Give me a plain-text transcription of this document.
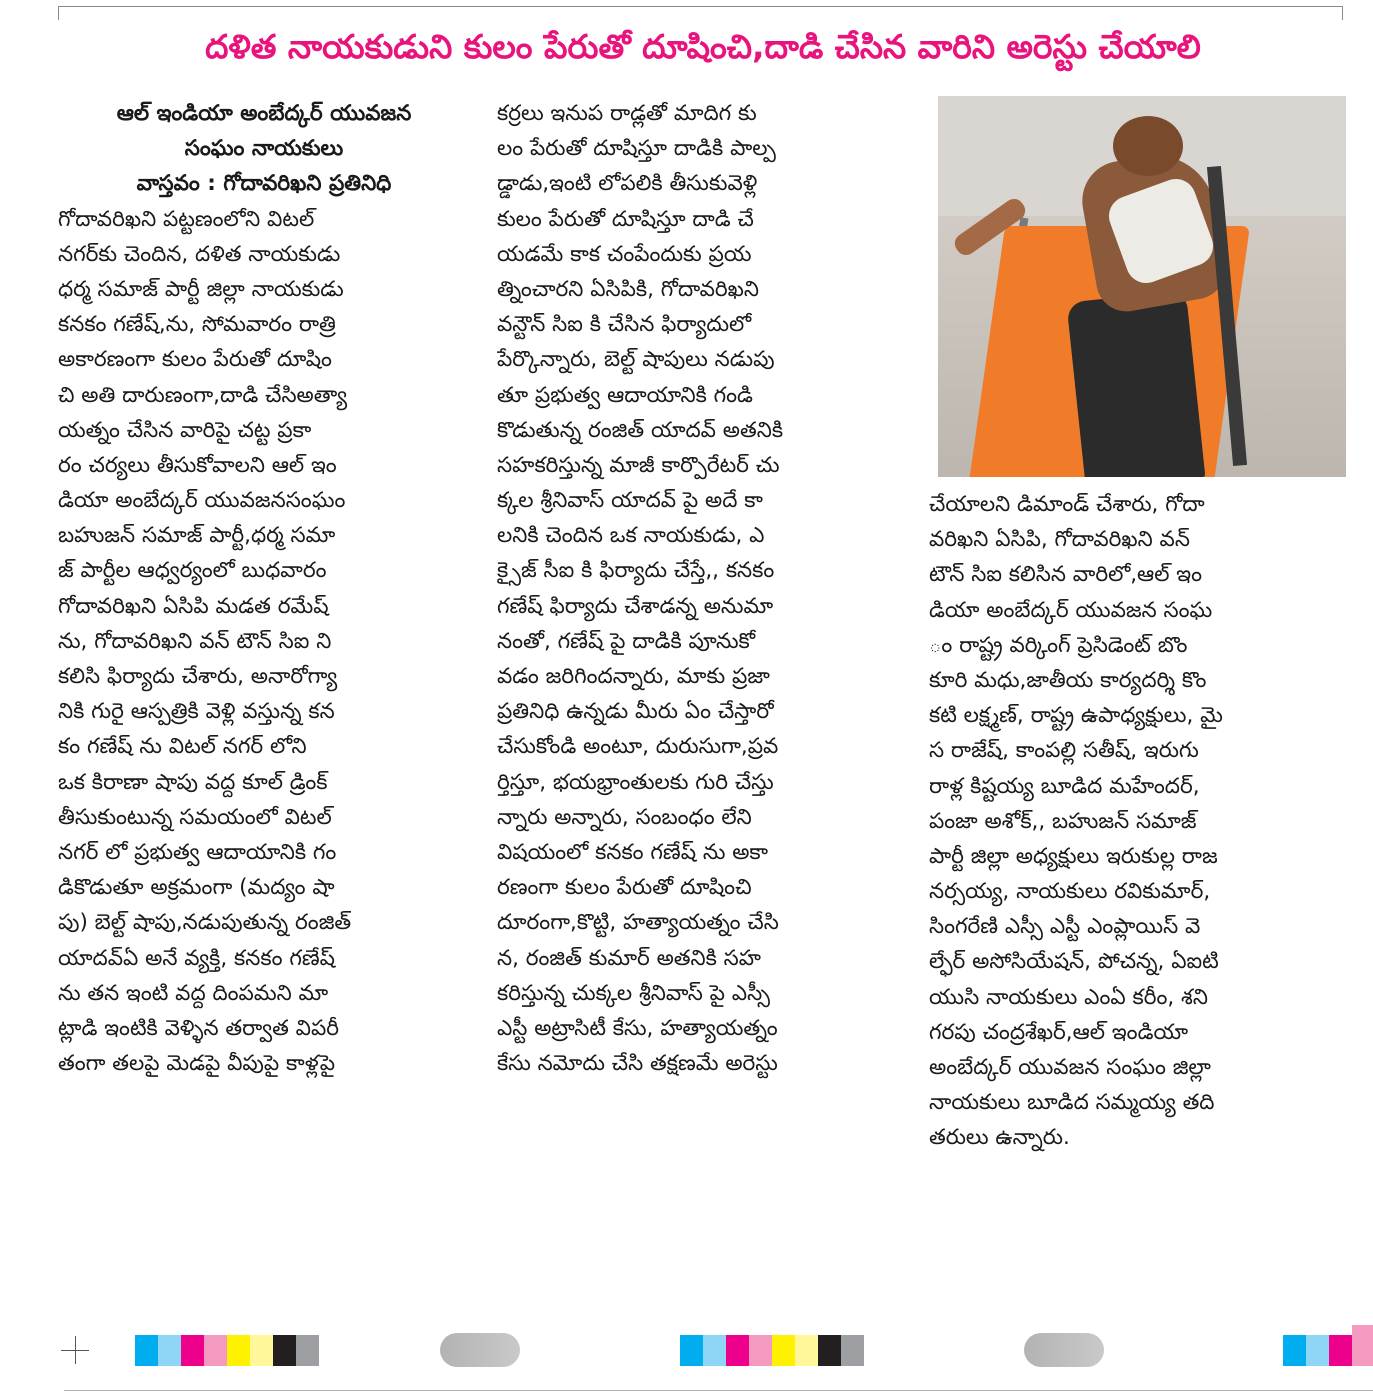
దళిత నాయకుడుని కులం పేరుతో దూషించి,దాడి చేసిన వారిని అరెస్టు చేయాలి
ఆల్ ఇండియా అంబేద్కర్ యువజన
సంఘం నాయకులు
వాస్తవం : గోదావరిఖని ప్రతినిధి
గోదావరిఖని పట్టణంలోని విటల్
నగర్‌కు చెందిన, దళిత నాయకుడు
ధర్మ సమాజ్ పార్టీ జిల్లా నాయకుడు
కనకం గణేష్,ను, సోమవారం రాత్రి
అకారణంగా కులం పేరుతో దూషిం
చి అతి దారుణంగా,దాడి చేసిఅత్యా
యత్నం చేసిన వారిపై చట్ట ప్రకా
రం చర్యలు తీసుకోవాలని ఆల్ ఇం
డియా అంబేద్కర్ యువజనసంఘం
బహుజన్ సమాజ్ పార్టీ,ధర్మ సమా
జ్ పార్టీల ఆధ్వర్యంలో బుధవారం
గోదావరిఖని ఏసిపి మడత రమేష్
ను, గోదావరిఖని వన్ టౌన్ సిఐ ని
కలిసి ఫిర్యాదు చేశారు, అనారోగ్యా
నికి గురై ఆస్పత్రికి వెళ్లి వస్తున్న కన
కం గణేష్ ను విటల్ నగర్ లోని
ఒక కిరాణా షాపు వద్ద కూల్ డ్రింక్
తీసుకుంటున్న సమయంలో విటల్
నగర్ లో ప్రభుత్వ ఆదాయానికి గం
డికొడుతూ అక్రమంగా (మద్యం షా
పు) బెల్ట్ షాపు,నడుపుతున్న రంజిత్
యాదవ్ఏ అనే వ్యక్తి, కనకం గణేష్
ను తన ఇంటి వద్ద దింపమని మా
ట్లాడి ఇంటికి వెళ్ళిన తర్వాత విపరీ
తంగా తలపై మెడపై వీపుపై కాళ్లపై
కర్రలు ఇనుప రాడ్లతో మాదిగ కు
లం పేరుతో దూషిస్తూ దాడికి పాల్ప
డ్డాడు,ఇంటి లోపలికి తీసుకువెళ్లి
కులం పేరుతో దూషిస్తూ దాడి చే
యడమే కాక చంపేందుకు ప్రయ
త్నించారని ఏసిపికి, గోదావరిఖని
వన్టౌన్ సిఐ కి చేసిన ఫిర్యాదులో
పేర్కొన్నారు, బెల్ట్ షాపులు నడుపు
తూ ప్రభుత్వ ఆదాయానికి గండి
కొడుతున్న రంజిత్ యాదవ్ అతనికి
సహకరిస్తున్న మాజీ కార్పొరేటర్ చు
క్కల శ్రీనివాస్ యాదవ్ పై అదే కా
లనికి చెందిన ఒక నాయకుడు, ఎ
క్సైజ్ సీఐ కి ఫిర్యాదు చేస్తే,, కనకం
గణేష్ ఫిర్యాదు చేశాడన్న అనుమా
నంతో, గణేష్ పై దాడికి పూనుకో
వడం జరిగిందన్నారు, మాకు ప్రజా
ప్రతినిధి ఉన్నడు మీరు ఏం చేస్తారో
చేసుకోండి అంటూ, దురుసుగా,ప్రవ
ర్తిస్తూ, భయభ్రాంతులకు గురి చేస్తు
న్నారు అన్నారు, సంబంధం లేని
విషయంలో కనకం గణేష్ ను అకా
రణంగా కులం పేరుతో దూషించి
దూరంగా,కొట్టి, హత్యాయత్నం చేసి
న, రంజిత్ కుమార్ అతనికి సహ
కరిస్తున్న చుక్కల శ్రీనివాస్ పై ఎస్సీ
ఎస్టీ అట్రాసిటీ కేసు, హత్యాయత్నం
కేసు నమోదు చేసి తక్షణమే అరెస్టు
చేయాలని డిమాండ్ చేశారు, గోదా
వరిఖని ఏసిపి, గోదావరిఖని వన్
టౌన్ సిఐ కలిసిన వారిలో,ఆల్ ఇం
డియా అంబేద్కర్ యువజన సంఘ
ం రాష్ట్ర వర్కింగ్ ప్రెసిడెంట్ బొం
కూరి మధు,జాతీయ కార్యదర్శి కొం
కటి లక్ష్మణ్, రాష్ట్ర ఉపాధ్యక్షులు, మై
స రాజేష్, కాంపల్లి సతీష్, ఇరుగు
రాళ్ల కిష్టయ్య బూడిద మహేందర్,
పంజా అశోక్,, బహుజన్ సమాజ్
పార్టీ జిల్లా అధ్యక్షులు ఇరుకుల్ల రాజ
నర్సయ్య, నాయకులు రవికుమార్,
సింగరేణి ఎస్సీ ఎస్టీ ఎంప్లాయిస్ వె
ల్ఫేర్ అసోసియేషన్, పోచన్న, ఏఐటి
యుసి నాయకులు ఎంఏ కరీం, శని
గరపు చంద్రశేఖర్,ఆల్ ఇండియా
అంబేద్కర్ యువజన సంఘం జిల్లా
నాయకులు బూడిద సమ్మయ్య తది
తరులు ఉన్నారు.
